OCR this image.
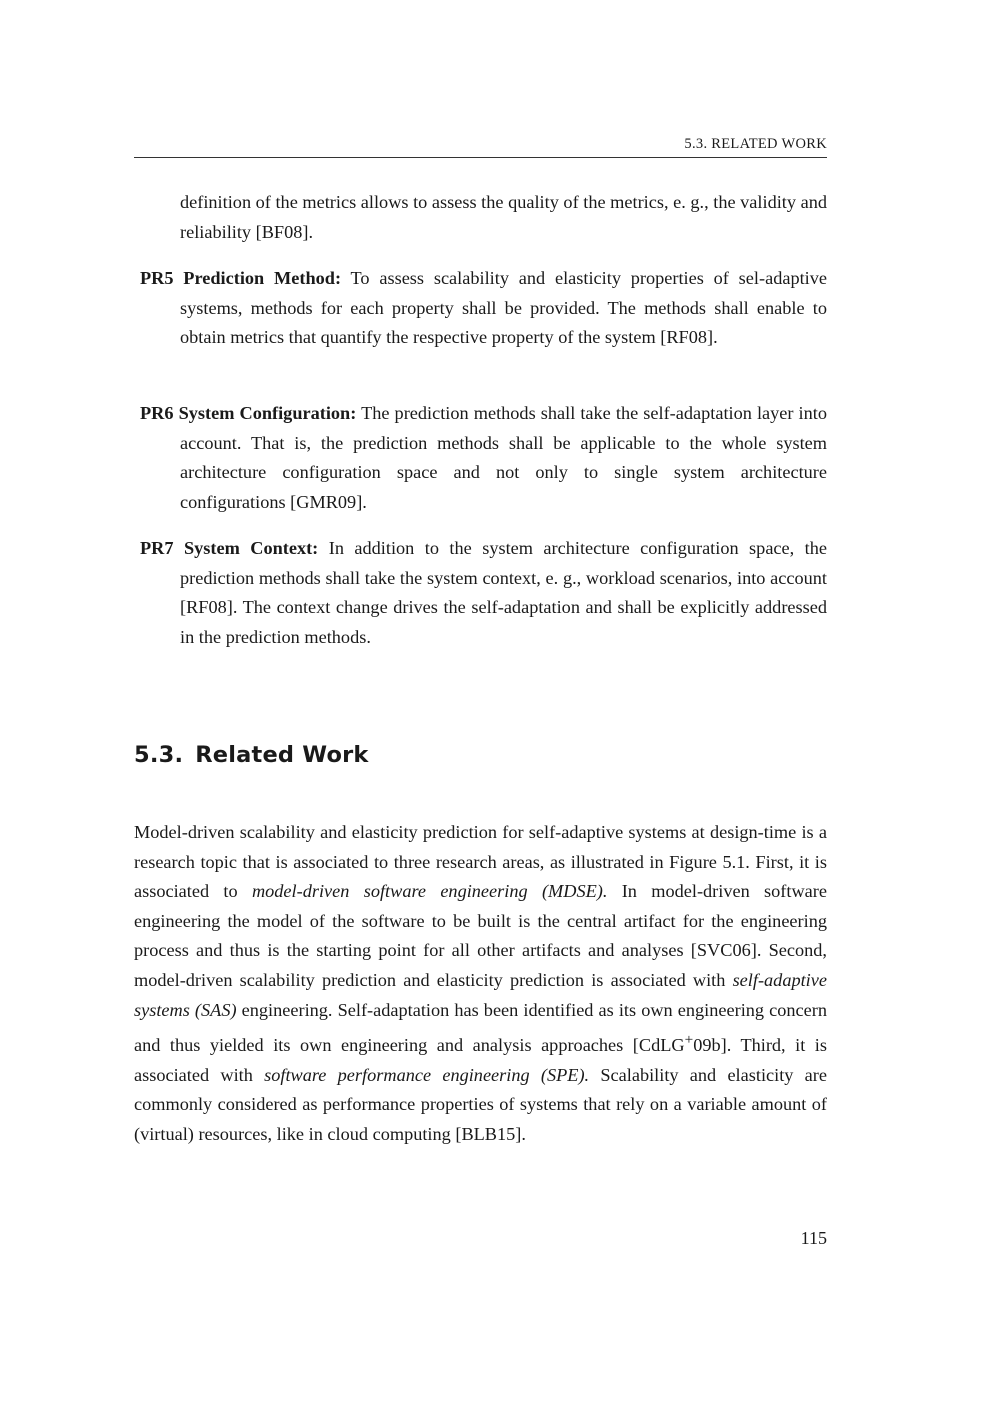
5.3. RELATED WORK

definition of the metrics allows to assess the quality of the metrics, e. g., the validity and reliability [BF08].

PR5 Prediction Method: To assess scalability and elasticity properties of sel-adaptive systems, methods for each property shall be provided. The methods shall enable to obtain metrics that quantify the respective property of the system [RF08].

PR6 System Configuration: The prediction methods shall take the self-adaptation layer into account. That is, the prediction methods shall be applicable to the whole system architecture configuration space and not only to single system architecture configurations [GMR09].

PR7 System Context: In addition to the system architecture configuration space, the prediction methods shall take the system context, e. g., workload scenarios, into account [RF08]. The context change drives the self-adaptation and shall be explicitly addressed in the prediction methods.

5.3. Related Work

Model-driven scalability and elasticity prediction for self-adaptive systems at design-time is a research topic that is associated to three research areas, as illustrated in Figure 5.1. First, it is associated to model-driven software engineering (MDSE). In model-driven software engineering the model of the software to be built is the central artifact for the engineering process and thus is the starting point for all other artifacts and analyses [SVC06]. Second, model-driven scalability prediction and elasticity prediction is associated with self-adaptive systems (SAS) engineering. Self-adaptation has been identified as its own engineering concern and thus yielded its own engineering and analysis approaches [CdLG+09b]. Third, it is associated with software performance engineering (SPE). Scalability and elasticity are commonly considered as performance properties of systems that rely on a variable amount of (virtual) resources, like in cloud computing [BLB15].

115
